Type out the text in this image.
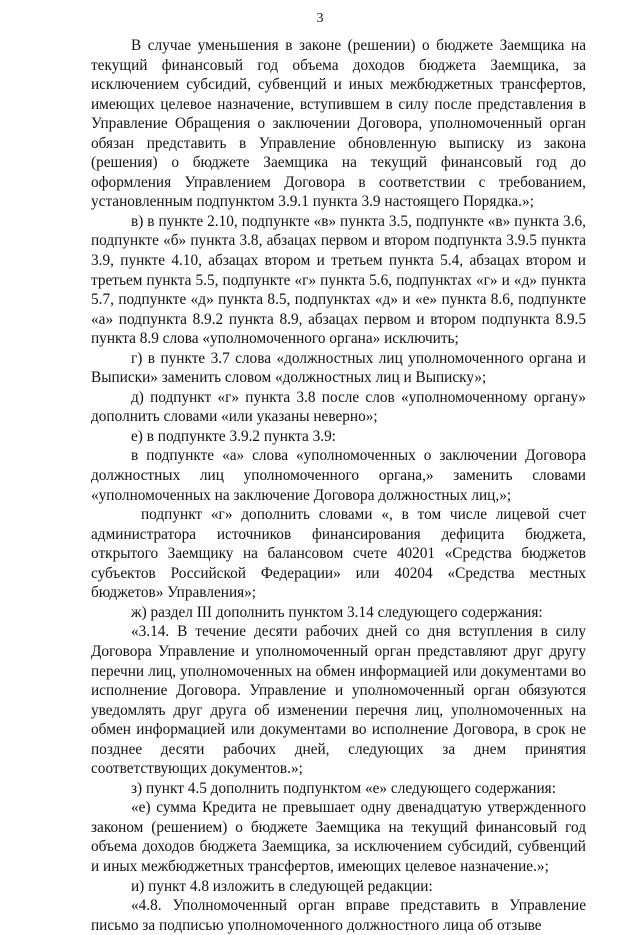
3

В случае уменьшения в законе (решении) о бюджете Заемщика на текущий финансовый год объема доходов бюджета Заемщика, за исключением субсидий, субвенций и иных межбюджетных трансфертов, имеющих целевое назначение, вступившем в силу после представления в Управление Обращения о заключении Договора, уполномоченный орган обязан представить в Управление обновленную выписку из закона (решения) о бюджете Заемщика на текущий финансовый год до оформления Управлением Договора в соответствии с требованием, установленным подпунктом 3.9.1 пункта 3.9 настоящего Порядка.»;

в) в пункте 2.10, подпункте «в» пункта 3.5, подпункте «в» пункта 3.6, подпункте «б» пункта 3.8, абзацах первом и втором подпункта 3.9.5 пункта 3.9, пункте 4.10, абзацах втором и третьем пункта 5.4, абзацах втором и третьем пункта 5.5, подпункте «г» пункта 5.6, подпунктах «г» и «д» пункта 5.7, подпункте «д» пункта 8.5, подпунктах «д» и «е» пункта 8.6, подпункте «а» подпункта 8.9.2 пункта 8.9, абзацах первом и втором подпункта 8.9.5 пункта 8.9 слова «уполномоченного органа» исключить;

г) в пункте 3.7 слова «должностных лиц уполномоченного органа и Выписки» заменить словом «должностных лиц и Выписку»;

д) подпункт «г» пункта 3.8 после слов «уполномоченному органу» дополнить словами «или указаны неверно»;

е) в подпункте 3.9.2 пункта 3.9:

в подпункте «а» слова «уполномоченных о заключении Договора должностных лиц уполномоченного органа,» заменить словами «уполномоченных на заключение Договора должностных лиц,»;

подпункт «г» дополнить словами «, в том числе лицевой счет администратора источников финансирования дефицита бюджета, открытого Заемщику на балансовом счете 40201 «Средства бюджетов субъектов Российской Федерации» или 40204 «Средства местных бюджетов» Управления»;

ж) раздел III дополнить пунктом 3.14 следующего содержания:

«3.14. В течение десяти рабочих дней со дня вступления в силу Договора Управление и уполномоченный орган представляют друг другу перечни лиц, уполномоченных на обмен информацией или документами во исполнение Договора. Управление и уполномоченный орган обязуются уведомлять друг друга об изменении перечня лиц, уполномоченных на обмен информацией или документами во исполнение Договора, в срок не позднее десяти рабочих дней, следующих за днем принятия соответствующих документов.»;

з) пункт 4.5 дополнить подпунктом «е» следующего содержания:

«е) сумма Кредита не превышает одну двенадцатую утвержденного законом (решением) о бюджете Заемщика на текущий финансовый год объема доходов бюджета Заемщика, за исключением субсидий, субвенций и иных межбюджетных трансфертов, имеющих целевое назначение.»;

и) пункт 4.8 изложить в следующей редакции:

«4.8. Уполномоченный орган вправе представить в Управление письмо за подписью уполномоченного должностного лица об отзыве
